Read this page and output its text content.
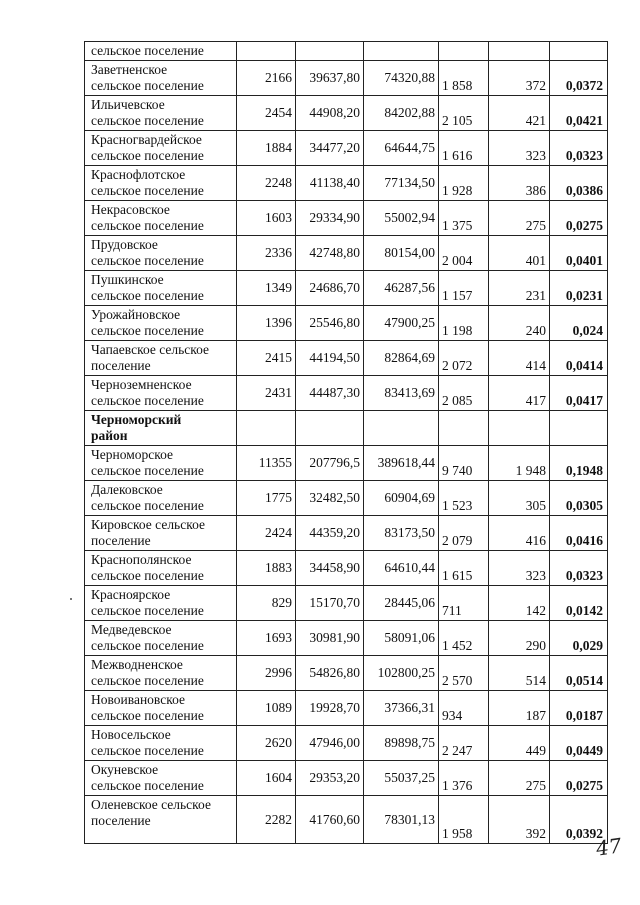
сельское поселение						
Заветненское
сельское поселение	2166	39637,80	74320,88	1 858	372	0,0372
Ильичевское
сельское поселение	2454	44908,20	84202,88	2 105	421	0,0421
Красногвардейское
сельское поселение	1884	34477,20	64644,75	1 616	323	0,0323
Краснофлотское
сельское поселение	2248	41138,40	77134,50	1 928	386	0,0386
Некрасовское
сельское поселение	1603	29334,90	55002,94	1 375	275	0,0275
Прудовское
сельское поселение	2336	42748,80	80154,00	2 004	401	0,0401
Пушкинское
сельское поселение	1349	24686,70	46287,56	1 157	231	0,0231
Урожайновское
сельское поселение	1396	25546,80	47900,25	1 198	240	0,024
Чапаевское сельское
поселение	2415	44194,50	82864,69	2 072	414	0,0414
Черноземненское
сельское поселение	2431	44487,30	83413,69	2 085	417	0,0417
Черноморский
район						
Черноморское
сельское поселение	11355	207796,5	389618,44	9 740	1 948	0,1948
Далековское
сельское поселение	1775	32482,50	60904,69	1 523	305	0,0305
Кировское сельское
поселение	2424	44359,20	83173,50	2 079	416	0,0416
Краснополянское
сельское поселение	1883	34458,90	64610,44	1 615	323	0,0323
Красноярское
сельское поселение	829	15170,70	28445,06	711	142	0,0142
Медведевское
сельское поселение	1693	30981,90	58091,06	1 452	290	0,029
Межводненское
сельское поселение	2996	54826,80	102800,25	2 570	514	0,0514
Новоивановское
сельское поселение	1089	19928,70	37366,31	934	187	0,0187
Новосельское
сельское поселение	2620	47946,00	89898,75	2 247	449	0,0449
Окуневское
сельское поселение	1604	29353,20	55037,25	1 376	275	0,0275
Оленевское сельское
поселение	2282	41760,60	78301,13	1 958	392	0,0392
47
